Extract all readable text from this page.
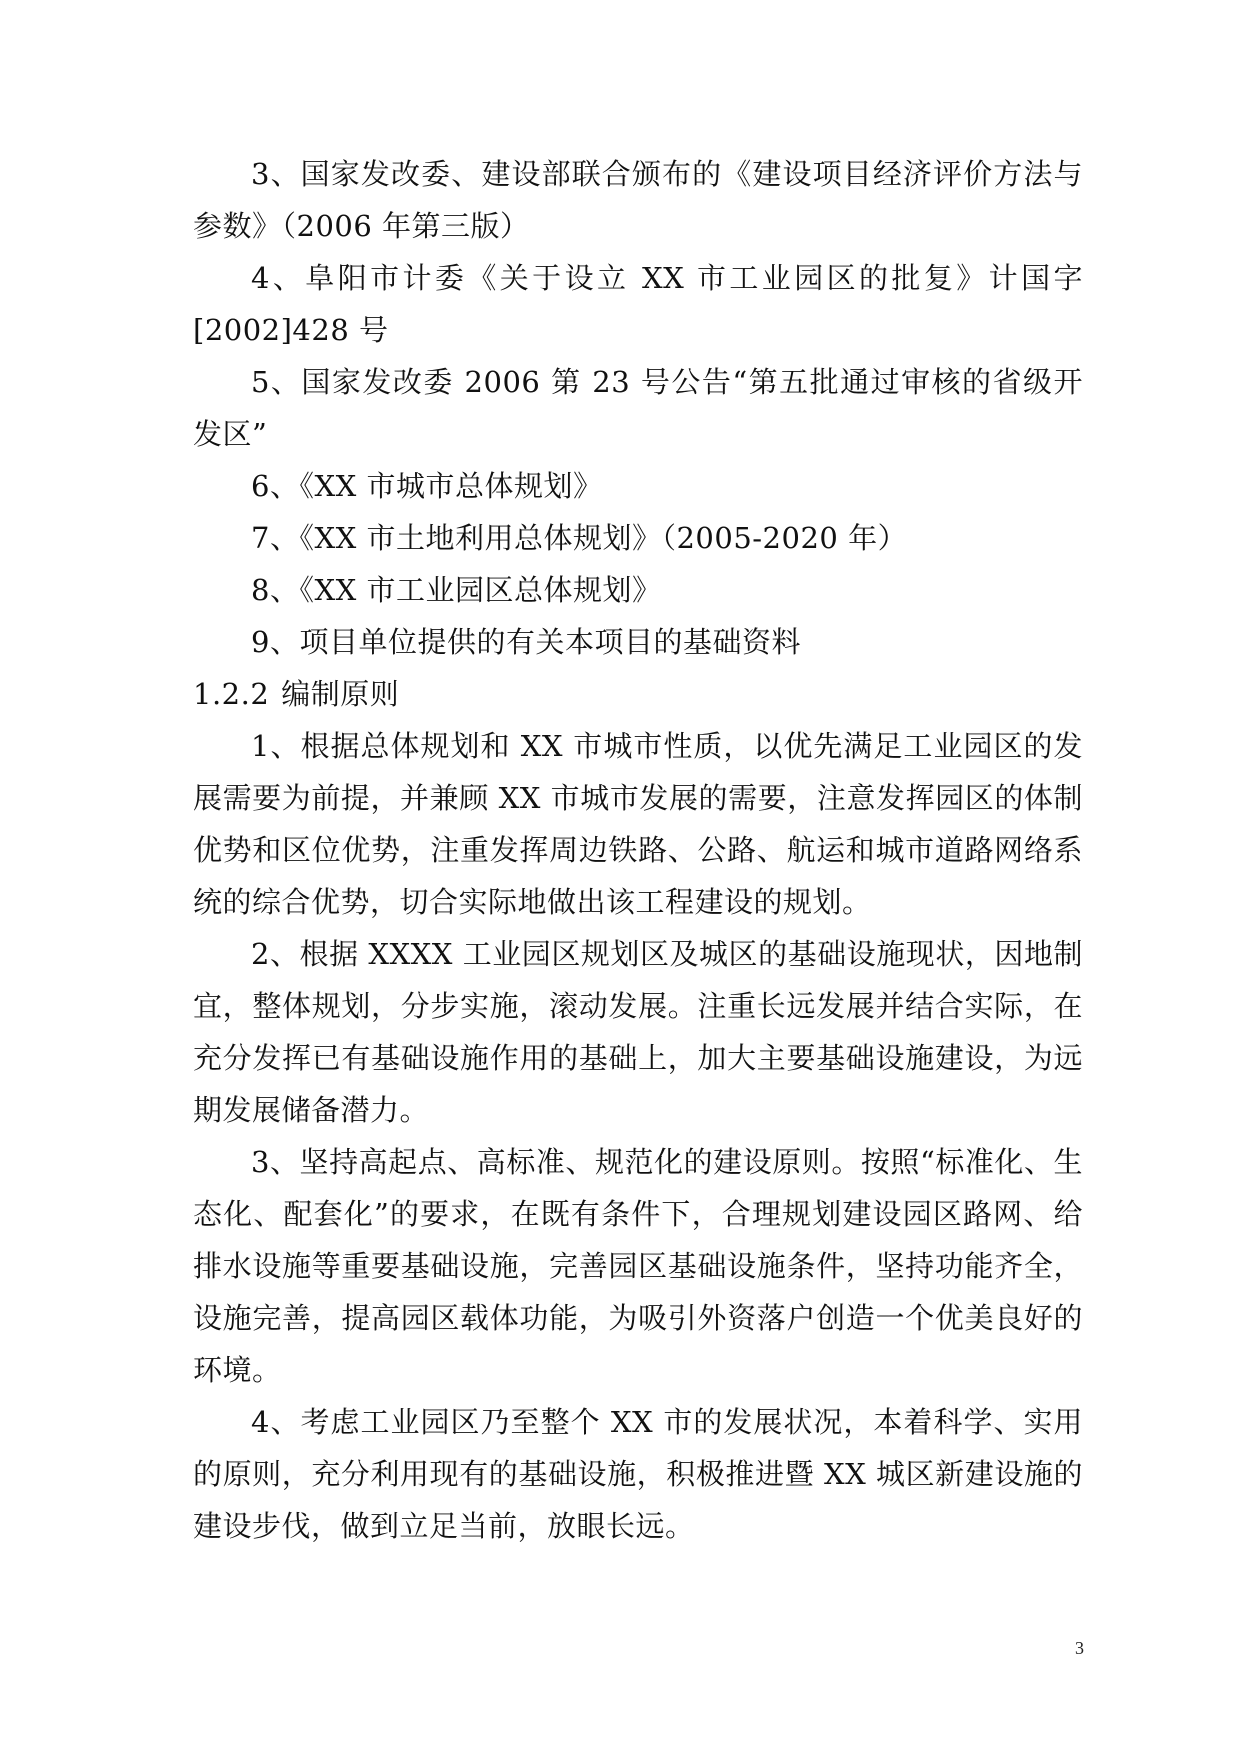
3、国家发改委、建设部联合颁布的《建设项目经济评价方法与参数》（2006 年第三版）

4、阜阳市计委《关于设立 XX 市工业园区的批复》计国字[2002]428 号

5、国家发改委 2006 第 23 号公告“第五批通过审核的省级开发区”

6、《XX 市城市总体规划》

7、《XX 市土地利用总体规划》（2005-2020 年）

8、《XX 市工业园区总体规划》

9、项目单位提供的有关本项目的基础资料

1.2.2 编制原则

1、根据总体规划和 XX 市城市性质，以优先满足工业园区的发展需要为前提，并兼顾 XX 市城市发展的需要，注意发挥园区的体制优势和区位优势，注重发挥周边铁路、公路、航运和城市道路网络系统的综合优势，切合实际地做出该工程建设的规划。

2、根据 XXXX 工业园区规划区及城区的基础设施现状，因地制宜，整体规划，分步实施，滚动发展。注重长远发展并结合实际，在充分发挥已有基础设施作用的基础上，加大主要基础设施建设，为远期发展储备潜力。

3、坚持高起点、高标准、规范化的建设原则。按照“标准化、生态化、配套化”的要求，在既有条件下，合理规划建设园区路网、给排水设施等重要基础设施，完善园区基础设施条件，坚持功能齐全，设施完善，提高园区载体功能，为吸引外资落户创造一个优美良好的环境。

4、考虑工业园区乃至整个 XX 市的发展状况，本着科学、实用的原则，充分利用现有的基础设施，积极推进暨 XX 城区新建设施的建设步伐，做到立足当前，放眼长远。

3
